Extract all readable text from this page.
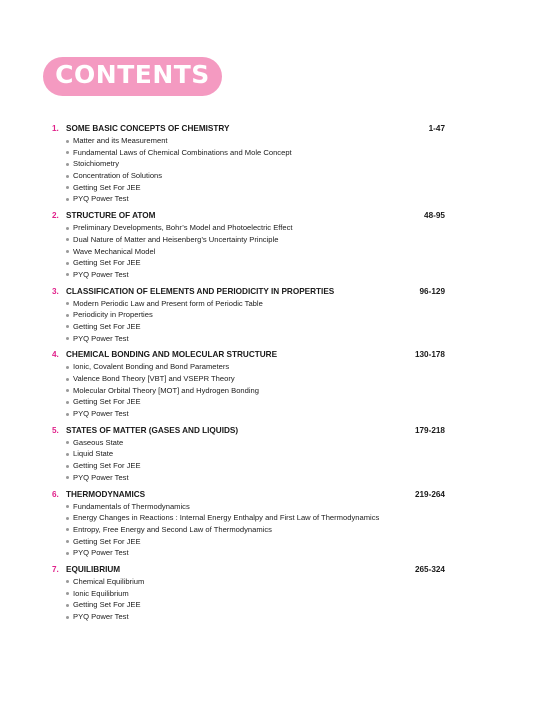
CONTENTS
1. SOME BASIC CONCEPTS OF CHEMISTRY	1-47
Matter and its Measurement
Fundamental Laws of Chemical Combinations and Mole Concept
Stoichiometry
Concentration of Solutions
Getting Set For JEE
PYQ Power Test
2. STRUCTURE OF ATOM	48-95
Preliminary Developments, Bohr’s Model and Photoelectric Effect
Dual Nature of Matter and Heisenberg’s Uncertainty Principle
Wave Mechanical Model
Getting Set For JEE
PYQ Power Test
3. CLASSIFICATION OF ELEMENTS AND PERIODICITY IN PROPERTIES	96-129
Modern Periodic Law and Present form of Periodic Table
Periodicity in Properties
Getting Set For JEE
PYQ Power Test
4. CHEMICAL BONDING AND MOLECULAR STRUCTURE	130-178
Ionic, Covalent Bonding and Bond Parameters
Valence Bond Theory [VBT] and VSEPR Theory
Molecular Orbital Theory [MOT] and Hydrogen Bonding
Getting Set For JEE
PYQ Power Test
5. STATES OF MATTER (GASES AND LIQUIDS)	179-218
Gaseous State
Liquid State
Getting Set For JEE
PYQ Power Test
6. THERMODYNAMICS	219-264
Fundamentals of Thermodynamics
Energy Changes in Reactions : Internal Energy Enthalpy and First Law of Thermodynamics
Entropy, Free Energy and Second Law of Thermodynamics
Getting Set For JEE
PYQ Power Test
7. EQUILIBRIUM	265-324
Chemical Equilibrium
Ionic Equilibrium
Getting Set For JEE
PYQ Power Test
